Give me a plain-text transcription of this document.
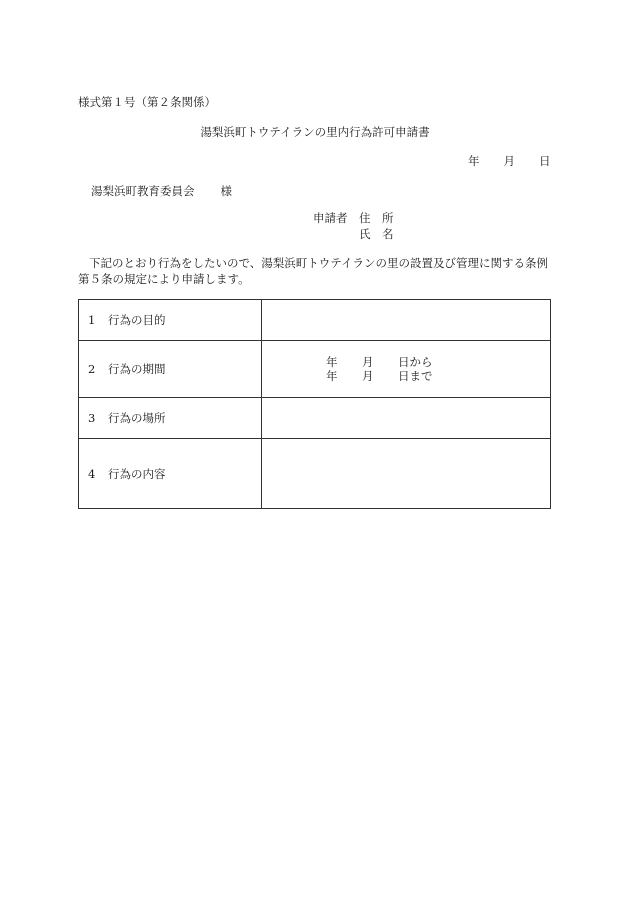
様式第１号（第２条関係）
湯梨浜町トウテイランの里内行為許可申請書
年 月 日
湯梨浜町教育委員会 様
申請者 住　所
氏　名
下記のとおり行為をしたいので、湯梨浜町トウテイランの里の設置及び管理に関する条例第５条の規定により申請します。
1 行為の目的	
2 行為の期間	年 月 日から
年 月 日まで

3 行為の場所	
4 行為の内容	
